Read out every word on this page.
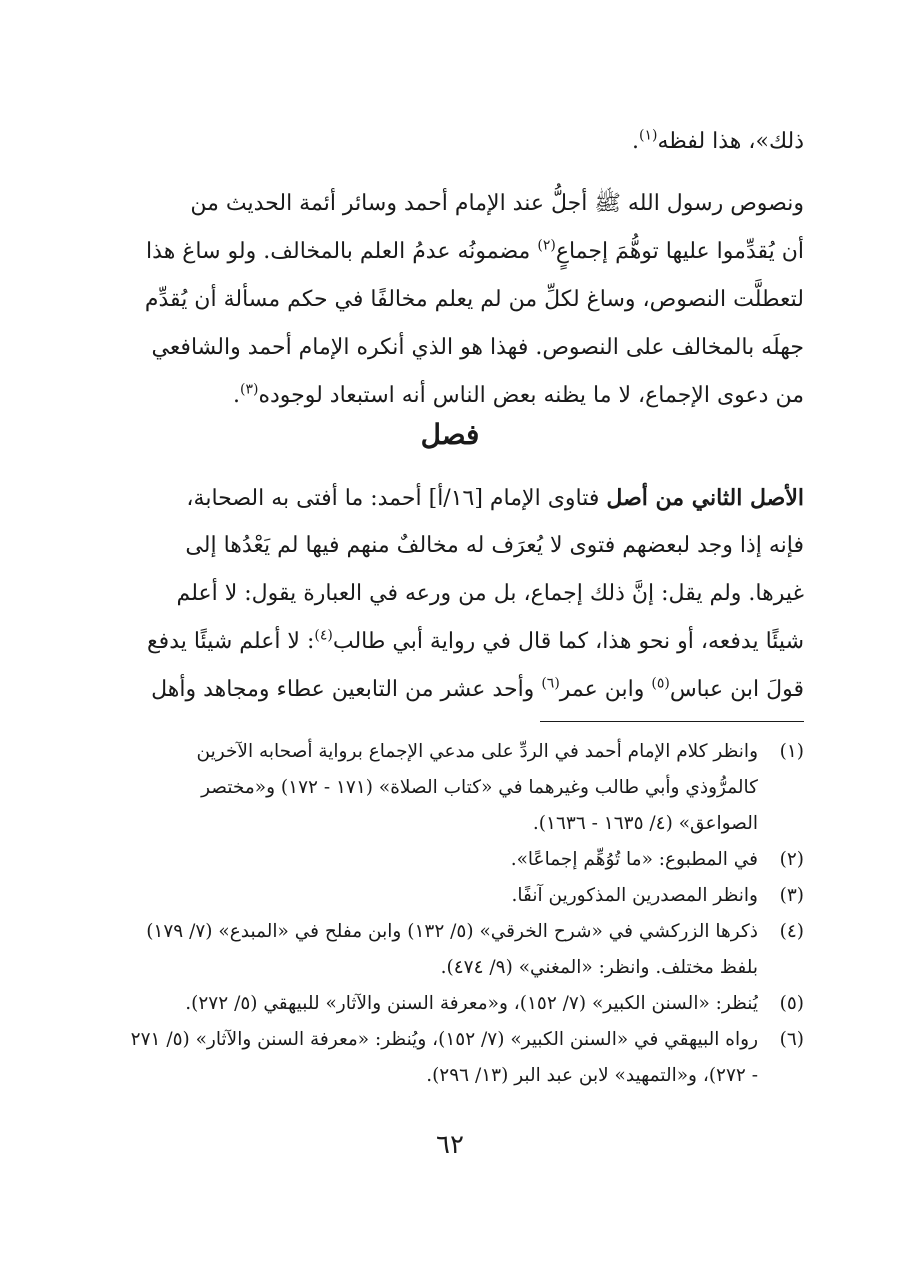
ذلك»، هذا لفظه$^{(١)}$.
ونصوص رسول الله ﷺ أجلُّ عند الإمام أحمد وسائر أئمة الحديث من
أن يُقدِّموا عليها توهُّمَ إجماعٍ$^{(٢)}$ مضمونُه عدمُ العلم بالمخالف. ولو ساغ هذا
لتعطلَّت النصوص، وساغ لكلِّ من لم يعلم مخالفًا في حكم مسألة أن يُقدِّم
جهلَه بالمخالف على النصوص. فهذا هو الذي أنكره الإمام أحمد والشافعي
من دعوى الإجماع، لا ما يظنه بعض الناس أنه استبعاد لوجوده$^{(٣)}$.
فصل
الأصل الثاني من أصل فتاوى الإمام [١٦/أ] أحمد: ما أفتى به الصحابة،
فإنه إذا وجد لبعضهم فتوى لا يُعرَف له مخالفٌ منهم فيها لم يَعْدُها إلى
غيرها. ولم يقل: إنَّ ذلك إجماع، بل من ورعه في العبارة يقول: لا أعلم
شيئًا يدفعه، أو نحو هذا، كما قال في رواية أبي طالب$^{(٤)}$: لا أعلم شيئًا يدفع
قولَ ابن عباس$^{(٥)}$ وابن عمر$^{(٦)}$ وأحد عشر من التابعين عطاء ومجاهد وأهل
(١)
وانظر كلام الإمام أحمد في الردِّ على مدعي الإجماع برواية أصحابه الآخرين
كالمرُّوذي وأبي طالب وغيرهما في «كتاب الصلاة» (١٧١ - ١٧٢) و«مختصر
الصواعق» (٤/ ١٦٣٥ - ١٦٣٦).
(٢)
في المطبوع: «ما تُوُهِّم إجماعًا».
(٣)
وانظر المصدرين المذكورين آنفًا.
(٤)
ذكرها الزركشي في «شرح الخرقي» (٥/ ١٣٢) وابن مفلح في «المبدع» (٧/ ١٧٩)
بلفظ مختلف. وانظر: «المغني» (٩/ ٤٧٤).
(٥)
يُنظر: «السنن الكبير» (٧/ ١٥٢)، و«معرفة السنن والآثار» للبيهقي (٥/ ٢٧٢).
(٦)
رواه البيهقي في «السنن الكبير» (٧/ ١٥٢)، ويُنظر: «معرفة السنن والآثار» (٥/ ٢٧١
- ٢٧٢)، و«التمهيد» لابن عبد البر (١٣/ ٢٩٦).
٦٢
